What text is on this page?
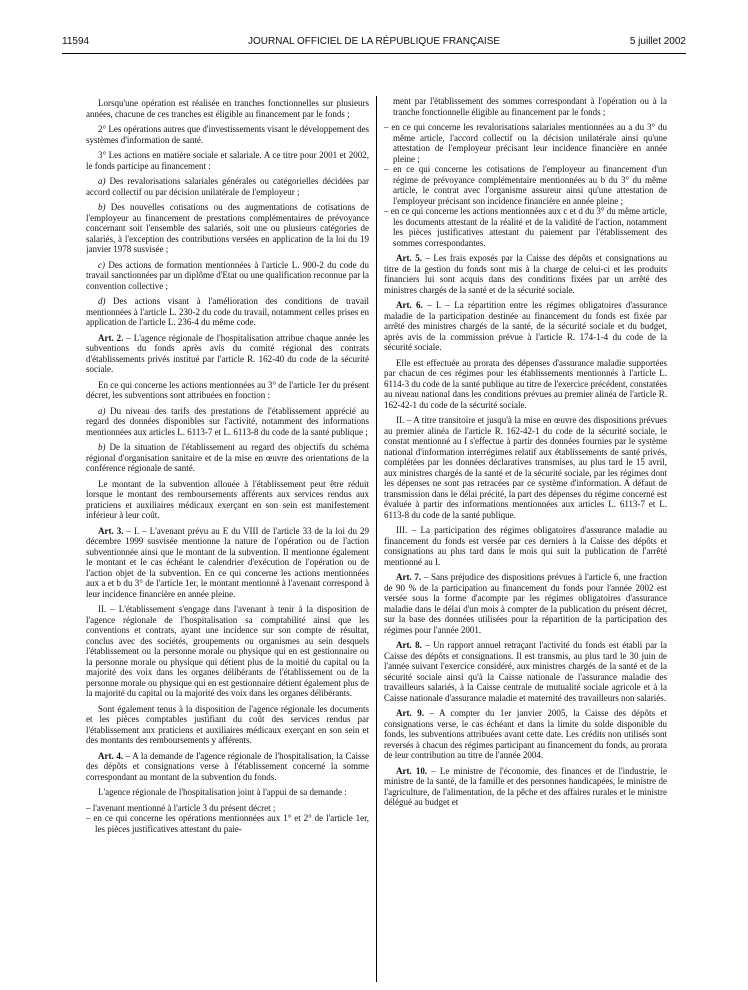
11594	JOURNAL OFFICIEL DE LA RÉPUBLIQUE FRANÇAISE	5 juillet 2002

Lorsqu'une opération est réalisée en tranches fonctionnelles sur plusieurs années, chacune de ces tranches est éligible au financement par le fonds ;

2° Les opérations autres que d'investissements visant le développement des systèmes d'information de santé.

3° Les actions en matière sociale et salariale. A ce titre pour 2001 et 2002, le fonds participe au financement :

a) Des revalorisations salariales générales ou catégorielles décidées par accord collectif ou par décision unilatérale de l'employeur ;

b) Des nouvelles cotisations ou des augmentations de cotisations de l'employeur au financement de prestations complémentaires de prévoyance concernant soit l'ensemble des salariés, soit une ou plusieurs catégories de salariés, à l'exception des contributions versées en application de la loi du 19 janvier 1978 susvisée ;

c) Des actions de formation mentionnées à l'article L. 900-2 du code du travail sanctionnées par un diplôme d'Etat ou une qualification reconnue par la convention collective ;

d) Des actions visant à l'amélioration des conditions de travail mentionnées à l'article L. 230-2 du code du travail, notamment celles prises en application de l'article L. 236-4 du même code.

Art. 2. – L'agence régionale de l'hospitalisation attribue chaque année les subventions du fonds après avis du comité régional des contrats d'établissements privés institué par l'article R. 162-40 du code de la sécurité sociale.

En ce qui concerne les actions mentionnées au 3° de l'article 1er du présent décret, les subventions sont attribuées en fonction :

a) Du niveau des tarifs des prestations de l'établissement apprécié au regard des données disponibles sur l'activité, notamment des informations mentionnées aux articles L. 6113-7 et L. 6113-8 du code de la santé publique ;

b) De la situation de l'établissement au regard des objectifs du schéma régional d'organisation sanitaire et de la mise en œuvre des orientations de la conférence régionale de santé.

Le montant de la subvention allouée à l'établissement peut être réduit lorsque le montant des remboursements afférents aux services rendus aux praticiens et auxiliaires médicaux exerçant en son sein est manifestement inférieur à leur coût.

Art. 3. – I. – L'avenant prévu au E du VIII de l'article 33 de la loi du 29 décembre 1999 susvisée mentionne la nature de l'opération ou de l'action subventionnée ainsi que le montant de la subvention. Il mentionne également le montant et le cas échéant le calendrier d'exécution de l'opération ou de l'action objet de la subvention. En ce qui concerne les actions mentionnées aux a et b du 3° de l'article 1er, le montant mentionné à l'avenant correspond à leur incidence financière en année pleine.

II. – L'établissement s'engage dans l'avenant à tenir à la disposition de l'agence régionale de l'hospitalisation sa comptabilité ainsi que les conventions et contrats, ayant une incidence sur son compte de résultat, conclus avec des sociétés, groupements ou organismes au sein desquels l'établissement ou la personne morale ou physique qui en est gestionnaire ou la personne morale ou physique qui détient plus de la moitié du capital ou la majorité des voix dans les organes délibérants de l'établissement ou de la personne morale ou physique qui en est gestionnaire détient également plus de la majorité du capital ou la majorité des voix dans les organes délibérants.

Sont également tenus à la disposition de l'agence régionale les documents et les pièces comptables justifiant du coût des services rendus par l'établissement aux praticiens et auxiliaires médicaux exerçant en son sein et des montants des remboursements y afférents.

Art. 4. – A la demande de l'agence régionale de l'hospitalisation, la Caisse des dépôts et consignations verse à l'établissement concerné la somme correspondant au montant de la subvention du fonds.

L'agence régionale de l'hospitalisation joint à l'appui de sa demande :

– l'avenant mentionné à l'article 3 du présent décret ;
– en ce qui concerne les opérations mentionnées aux 1° et 2° de l'article 1er, les pièces justificatives attestant du paie-

ment par l'établissement des sommes correspondant à l'opération ou à la tranche fonctionnelle éligible au financement par le fonds ;

– en ce qui concerne les revalorisations salariales mentionnées au a du 3° du même article, l'accord collectif ou la décision unilatérale ainsi qu'une attestation de l'employeur précisant leur incidence financière en année pleine ;
– en ce qui concerne les cotisations de l'employeur au financement d'un régime de prévoyance complémentaire mentionnées au b du 3° du même article, le contrat avec l'organisme assureur ainsi qu'une attestation de l'employeur précisant son incidence financière en année pleine ;
– en ce qui concerne les actions mentionnées aux c et d du 3° du même article, les documents attestant de la réalité et de la validité de l'action, notamment les pièces justificatives attestant du paiement par l'établissement des sommes correspondantes.

Art. 5. – Les frais exposés par la Caisse des dépôts et consignations au titre de la gestion du fonds sont mis à la charge de celui-ci et les produits financiers lui sont acquis dans des conditions fixées par un arrêté des ministres chargés de la santé et de la sécurité sociale.

Art. 6. – I. – La répartition entre les régimes obligatoires d'assurance maladie de la participation destinée au financement du fonds est fixée par arrêté des ministres chargés de la santé, de la sécurité sociale et du budget, après avis de la commission prévue à l'article R. 174-1-4 du code de la sécurité sociale.

Elle est effectuée au prorata des dépenses d'assurance maladie supportées par chacun de ces régimes pour les établissements mentionnés à l'article L. 6114-3 du code de la santé publique au titre de l'exercice précédent, constatées au niveau national dans les conditions prévues au premier alinéa de l'article R. 162-42-1 du code de la sécurité sociale.

II. – A titre transitoire et jusqu'à la mise en œuvre des dispositions prévues au premier alinéa de l'article R. 162-42-1 du code de la sécurité sociale, le constat mentionné au I s'effectue à partir des données fournies par le système national d'information interrégimes relatif aux établissements de santé privés, complétées par les données déclaratives transmises, au plus tard le 15 avril, aux ministres chargés de la santé et de la sécurité sociale, par les régimes dont les dépenses ne sont pas retracées par ce système d'information. A défaut de transmission dans le délai précité, la part des dépenses du régime concerné est évaluée à partir des informations mentionnées aux articles L. 6113-7 et L. 6113-8 du code de la santé publique.

III. – La participation des régimes obligatoires d'assurance maladie au financement du fonds est versée par ces derniers à la Caisse des dépôts et consignations au plus tard dans le mois qui suit la publication de l'arrêté mentionné au I.

Art. 7. – Sans préjudice des dispositions prévues à l'article 6, une fraction de 90 % de la participation au financement du fonds pour l'année 2002 est versée sous la forme d'acompte par les régimes obligatoires d'assurance maladie dans le délai d'un mois à compter de la publication du présent décret, sur la base des données utilisées pour la répartition de la participation des régimes pour l'année 2001.

Art. 8. – Un rapport annuel retraçant l'activité du fonds est établi par la Caisse des dépôts et consignations. Il est transmis, au plus tard le 30 juin de l'année suivant l'exercice considéré, aux ministres chargés de la santé et de la sécurité sociale ainsi qu'à la Caisse nationale de l'assurance maladie des travailleurs salariés, à la Caisse centrale de mutualité sociale agricole et à la Caisse nationale d'assurance maladie et maternité des travailleurs non salariés.

Art. 9. – A compter du 1er janvier 2005, la Caisse des dépôts et consignations verse, le cas échéant et dans la limite du solde disponible du fonds, les subventions attribuées avant cette date. Les crédits non utilisés sont reversés à chacun des régimes participant au financement du fonds, au prorata de leur contribution au titre de l'année 2004.

Art. 10. – Le ministre de l'économie, des finances et de l'industrie, le ministre de la santé, de la famille et des personnes handicapées, le ministre de l'agriculture, de l'alimentation, de la pêche et des affaires rurales et le ministre délégué au budget et
